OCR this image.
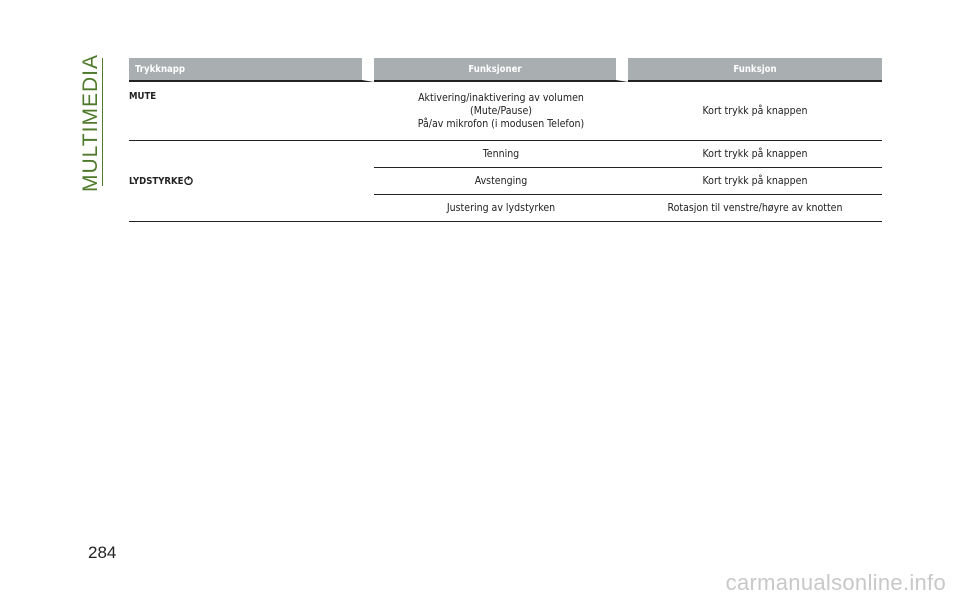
MULTIMEDIA	Trykknapp	Funksjoner	Funksjon
MUTE	Aktivering/inaktivering av volumen
(Mute/Pause)
På/av mikrofon (i modusen Telefon)	Kort trykk på knappen
LYDSTYRKE	Tenning	Kort trykk på knappen
	Avstenging	Kort trykk på knappen
	Justering av lydstyrken	Rotasjon til venstre/høyre av knotten
284
carmanualsonline.info
